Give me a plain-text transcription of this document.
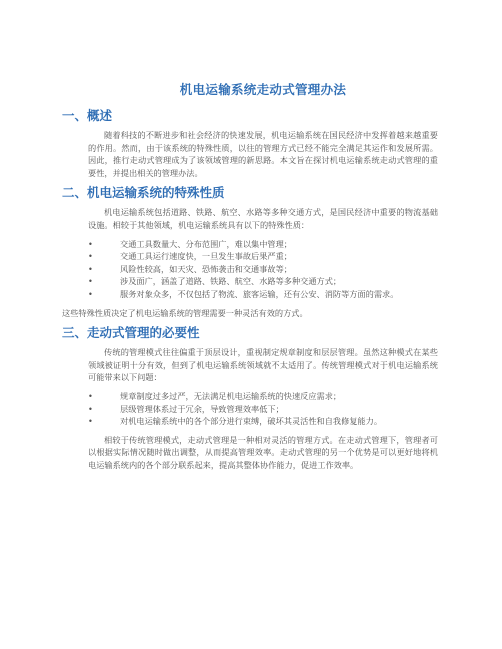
机电运输系统走动式管理办法
一、概述

随着科技的不断进步和社会经济的快速发展，机电运输系统在国民经济中发挥着越来越重要的作用。然而，由于该系统的特殊性质，以往的管理方式已经不能完全满足其运作和发展所需。因此，推行走动式管理成为了该领域管理的新思路。本文旨在探讨机电运输系统走动式管理的重要性，并提出相关的管理办法。

二、机电运输系统的特殊性质

机电运输系统包括道路、铁路、航空、水路等多种交通方式，是国民经济中重要的物流基础设施。相较于其他领域，机电运输系统具有以下的特殊性质：

•	交通工具数量大、分布范围广，难以集中管理；
•	交通工具运行速度快，一旦发生事故后果严重；
•	风险性较高，如天灾、恐怖袭击和交通事故等；
•	涉及面广，涵盖了道路、铁路、航空、水路等多种交通方式；
•	服务对象众多，不仅包括了物流、旅客运输，还有公安、消防等方面的需求。

这些特殊性质决定了机电运输系统的管理需要一种灵活有效的方式。

三、走动式管理的必要性

传统的管理模式往往偏重于顶层设计，重视制定规章制度和层层管理。虽然这种模式在某些领域被证明十分有效，但到了机电运输系统领域就不太适用了。传统管理模式对于机电运输系统可能带来以下问题：

•	规章制度过多过严，无法满足机电运输系统的快速反应需求；
•	层级管理体系过于冗余，导致管理效率低下；
•	对机电运输系统中的各个部分进行束缚，破坏其灵活性和自我修复能力。

相较于传统管理模式，走动式管理是一种相对灵活的管理方式。在走动式管理下，管理者可以根据实际情况随时做出调整，从而提高管理效率。走动式管理的另一个优势是可以更好地将机电运输系统内的各个部分联系起来，提高其整体协作能力，促进工作效率。
